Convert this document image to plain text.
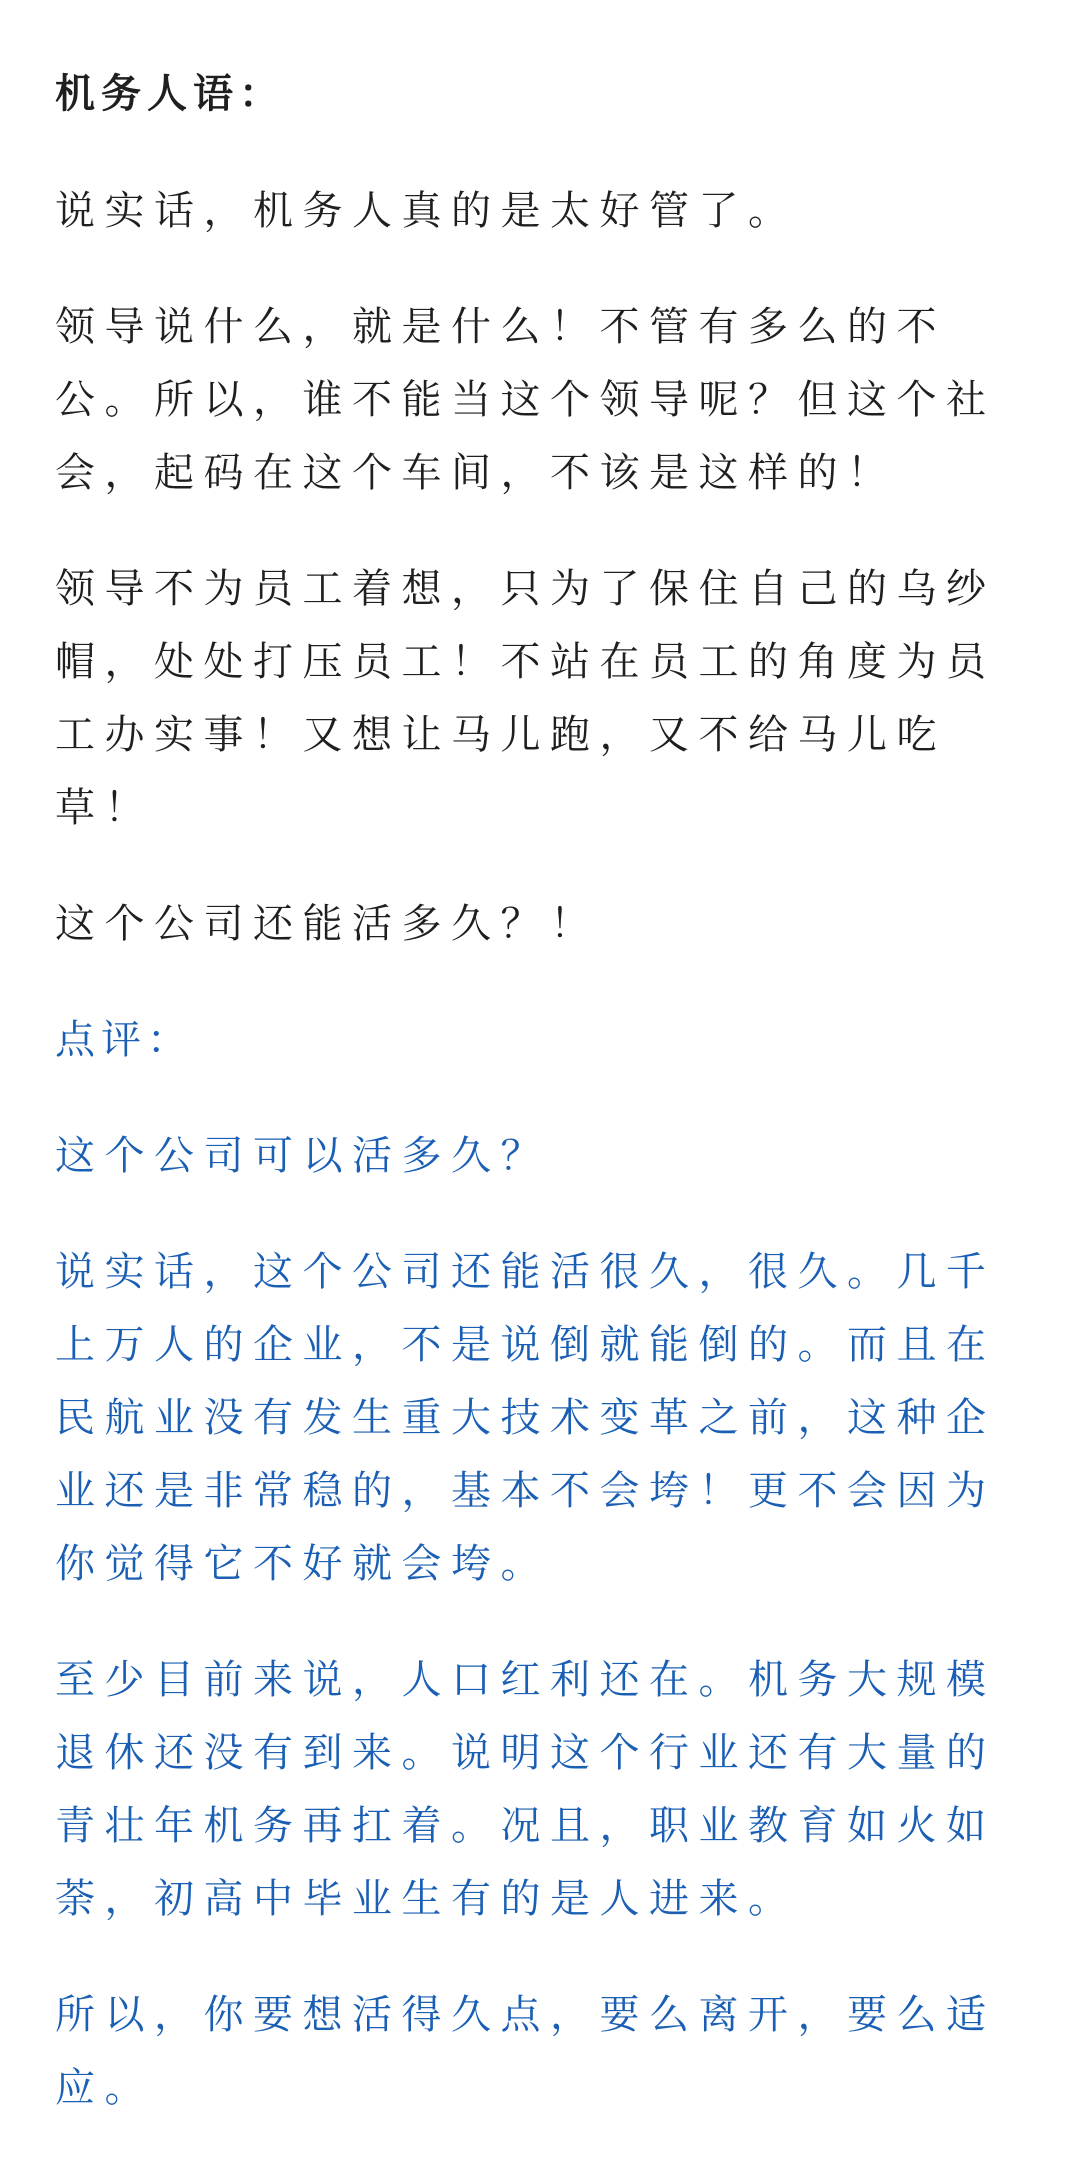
机务人语：

说实话，机务人真的是太好管了。

领导说什么，就是什么！不管有多么的不公。所以，谁不能当这个领导呢？但这个社会，起码在这个车间，不该是这样的！

领导不为员工着想，只为了保住自己的乌纱帽，处处打压员工！不站在员工的角度为员工办实事！又想让马儿跑，又不给马儿吃草！

这个公司还能活多久？！

点评：

这个公司可以活多久？

说实话，这个公司还能活很久，很久。几千上万人的企业，不是说倒就能倒的。而且在民航业没有发生重大技术变革之前，这种企业还是非常稳的，基本不会垮！更不会因为你觉得它不好就会垮。

至少目前来说，人口红利还在。机务大规模退休还没有到来。说明这个行业还有大量的青壮年机务再扛着。况且，职业教育如火如荼，初高中毕业生有的是人进来。

所以，你要想活得久点，要么离开，要么适应。
